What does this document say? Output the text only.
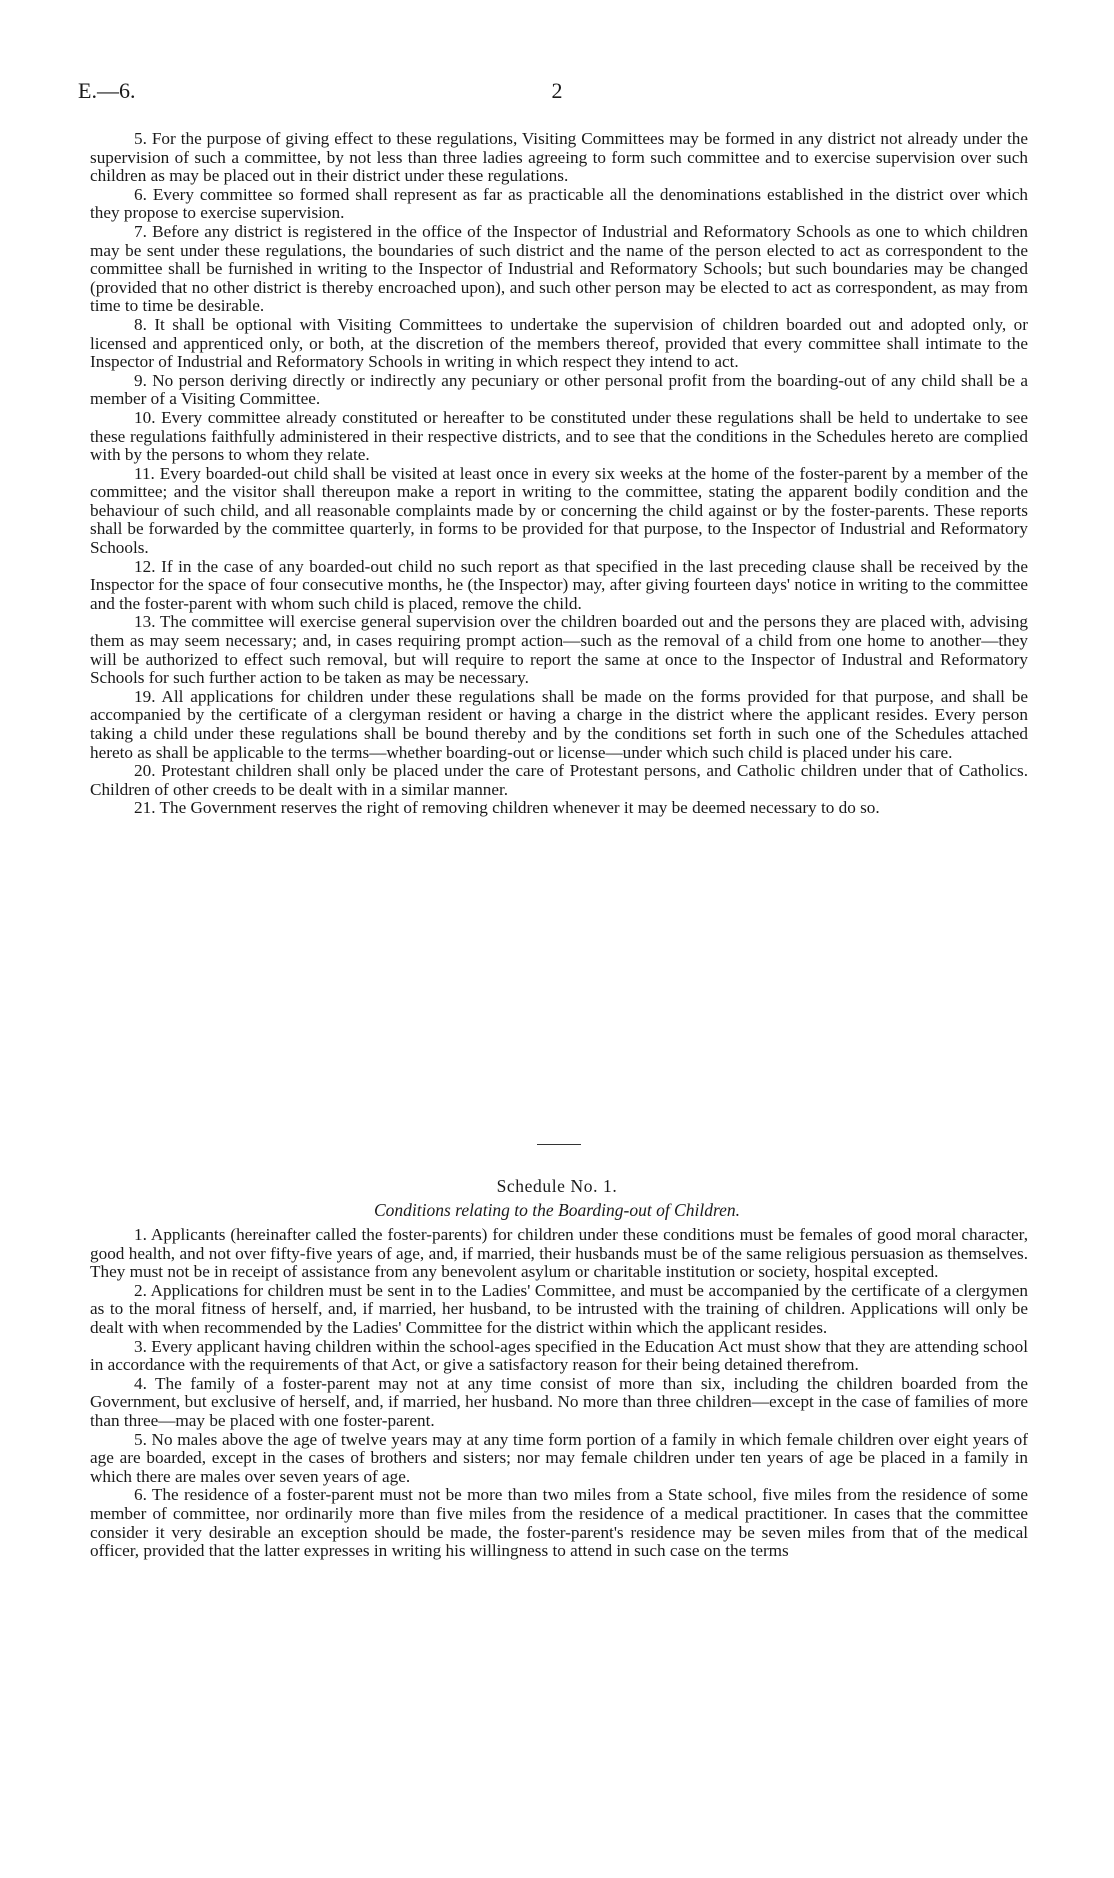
E.—6.	2

5. For the purpose of giving effect to these regulations, Visiting Committees may be formed in any district not already under the supervision of such a committee, by not less than three ladies agreeing to form such committee and to exercise supervision over such children as may be placed out in their district under these regulations.

6. Every committee so formed shall represent as far as practicable all the denominations established in the district over which they propose to exercise supervision.

7. Before any district is registered in the office of the Inspector of Industrial and Reformatory Schools as one to which children may be sent under these regulations, the boundaries of such district and the name of the person elected to act as correspondent to the committee shall be furnished in writing to the Inspector of Industrial and Reformatory Schools; but such boundaries may be changed (provided that no other district is thereby encroached upon), and such other person may be elected to act as correspondent, as may from time to time be desirable.

8. It shall be optional with Visiting Committees to undertake the supervision of children boarded out and adopted only, or licensed and apprenticed only, or both, at the discretion of the members thereof, provided that every committee shall intimate to the Inspector of Industrial and Reformatory Schools in writing in which respect they intend to act.

9. No person deriving directly or indirectly any pecuniary or other personal profit from the boarding-out of any child shall be a member of a Visiting Committee.

10. Every committee already constituted or hereafter to be constituted under these regulations shall be held to undertake to see these regulations faithfully administered in their respective districts, and to see that the conditions in the Schedules hereto are complied with by the persons to whom they relate.

11. Every boarded-out child shall be visited at least once in every six weeks at the home of the foster-parent by a member of the committee; and the visitor shall thereupon make a report in writing to the committee, stating the apparent bodily condition and the behaviour of such child, and all reasonable complaints made by or concerning the child against or by the foster-parents. These reports shall be forwarded by the committee quarterly, in forms to be provided for that purpose, to the Inspector of Industrial and Reformatory Schools.

12. If in the case of any boarded-out child no such report as that specified in the last preceding clause shall be received by the Inspector for the space of four consecutive months, he (the Inspector) may, after giving fourteen days' notice in writing to the committee and the foster-parent with whom such child is placed, remove the child.

13. The committee will exercise general supervision over the children boarded out and the persons they are placed with, advising them as may seem necessary; and, in cases requiring prompt action—such as the removal of a child from one home to another—they will be authorized to effect such removal, but will require to report the same at once to the Inspector of Industral and Reformatory Schools for such further action to be taken as may be necessary.

19. All applications for children under these regulations shall be made on the forms provided for that purpose, and shall be accompanied by the certificate of a clergyman resident or having a charge in the district where the applicant resides. Every person taking a child under these regulations shall be bound thereby and by the conditions set forth in such one of the Schedules attached hereto as shall be applicable to the terms—whether boarding-out or license—under which such child is placed under his care.

20. Protestant children shall only be placed under the care of Protestant persons, and Catholic children under that of Catholics. Children of other creeds to be dealt with in a similar manner.

21. The Government reserves the right of removing children whenever it may be deemed necessary to do so.

Schedule No. 1.
Conditions relating to the Boarding-out of Children.

1. Applicants (hereinafter called the foster-parents) for children under these conditions must be females of good moral character, good health, and not over fifty-five years of age, and, if married, their husbands must be of the same religious persuasion as themselves. They must not be in receipt of assistance from any benevolent asylum or charitable institution or society, hospital excepted.

2. Applications for children must be sent in to the Ladies' Committee, and must be accompanied by the certificate of a clergymen as to the moral fitness of herself, and, if married, her husband, to be intrusted with the training of children. Applications will only be dealt with when recommended by the Ladies' Committee for the district within which the applicant resides.

3. Every applicant having children within the school-ages specified in the Education Act must show that they are attending school in accordance with the requirements of that Act, or give a satisfactory reason for their being detained therefrom.

4. The family of a foster-parent may not at any time consist of more than six, including the children boarded from the Government, but exclusive of herself, and, if married, her husband. No more than three children—except in the case of families of more than three—may be placed with one foster-parent.

5. No males above the age of twelve years may at any time form portion of a family in which female children over eight years of age are boarded, except in the cases of brothers and sisters; nor may female children under ten years of age be placed in a family in which there are males over seven years of age.

6. The residence of a foster-parent must not be more than two miles from a State school, five miles from the residence of some member of committee, nor ordinarily more than five miles from the residence of a medical practitioner. In cases that the committee consider it very desirable an exception should be made, the foster-parent's residence may be seven miles from that of the medical officer, provided that the latter expresses in writing his willingness to attend in such case on the terms
